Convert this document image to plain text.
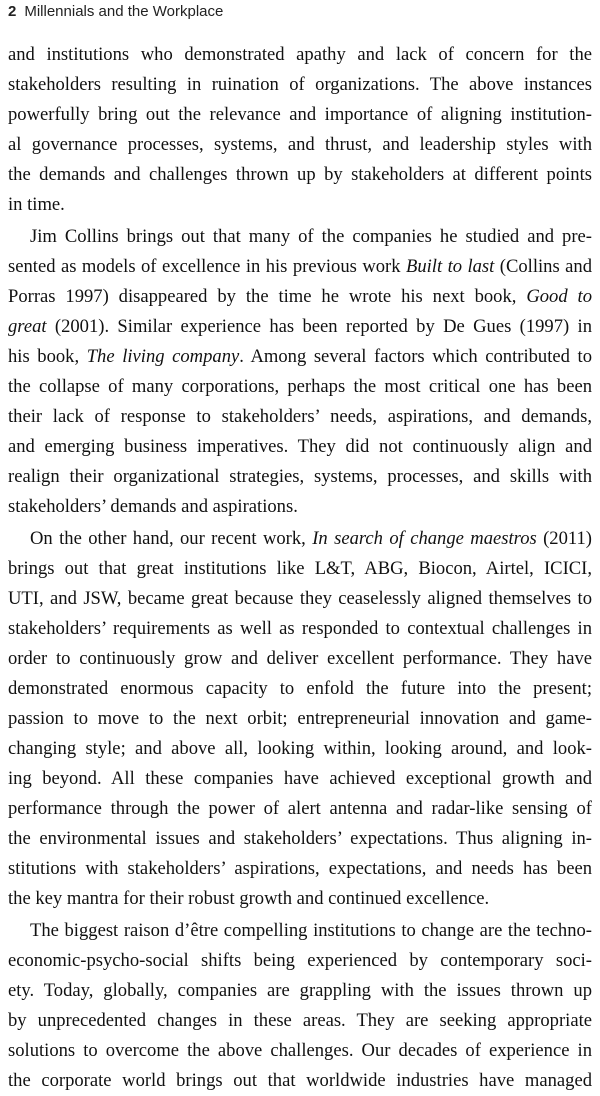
2 Millennials and the Workplace
and institutions who demonstrated apathy and lack of concern for the
stakeholders resulting in ruination of organizations. The above instances
powerfully bring out the relevance and importance of aligning institution-
al governance processes, systems, and thrust, and leadership styles with
the demands and challenges thrown up by stakeholders at different points
in time.
Jim Collins brings out that many of the companies he studied and pre-
sented as models of excellence in his previous work Built to last (Collins and
Porras 1997) disappeared by the time he wrote his next book, Good to
great (2001). Similar experience has been reported by De Gues (1997) in
his book, The living company. Among several factors which contributed to
the collapse of many corporations, perhaps the most critical one has been
their lack of response to stakeholders’ needs, aspirations, and demands,
and emerging business imperatives. They did not continuously align and
realign their organizational strategies, systems, processes, and skills with
stakeholders’ demands and aspirations.
On the other hand, our recent work, In search of change maestros (2011)
brings out that great institutions like L&T, ABG, Biocon, Airtel, ICICI,
UTI, and JSW, became great because they ceaselessly aligned themselves to
stakeholders’ requirements as well as responded to contextual challenges in
order to continuously grow and deliver excellent performance. They have
demonstrated enormous capacity to enfold the future into the present;
passion to move to the next orbit; entrepreneurial innovation and game-
changing style; and above all, looking within, looking around, and look-
ing beyond. All these companies have achieved exceptional growth and
performance through the power of alert antenna and radar-like sensing of
the environmental issues and stakeholders’ expectations. Thus aligning in-
stitutions with stakeholders’ aspirations, expectations, and needs has been
the key mantra for their robust growth and continued excellence.
The biggest raison d’être compelling institutions to change are the techno-
economic-psycho-social shifts being experienced by contemporary soci-
ety. Today, globally, companies are grappling with the issues thrown up
by unprecedented changes in these areas. They are seeking appropriate
solutions to overcome the above challenges. Our decades of experience in
the corporate world brings out that worldwide industries have managed
